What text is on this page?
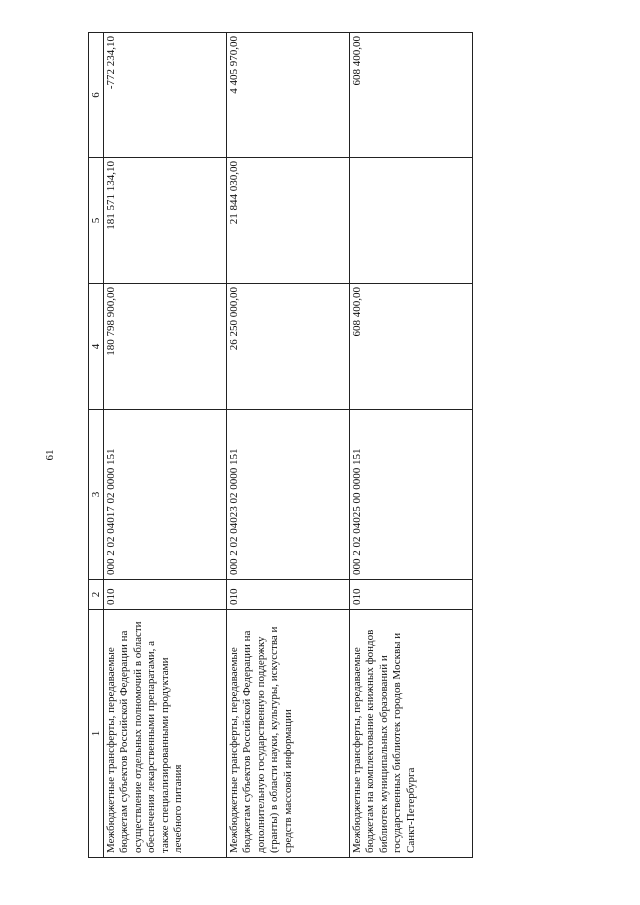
61
1	2	3	4	5	6
Межбюджетные трансферты, передаваемые бюджетам субъектов Российской Федерации на осуществление отдельных полномочий в области обеспечения лекарственными препаратами, а также специализированными продуктами лечебного питания	010	000 2 02 04017 02 0000 151	180 798 900,00	181 571 134,10	-772 234,10
Межбюджетные трансферты, передаваемые бюджетам субъектов Российской Федерации на дополнительную государственную поддержку (гранты) в области науки, культуры, искусства и средств массовой информации	010	000 2 02 04023 02 0000 151	26 250 000,00	21 844 030,00	4 405 970,00
Межбюджетные трансферты, передаваемые бюджетам на комплектование книжных фондов библиотек муниципальных образований и государственных библиотек городов Москвы и Санкт-Петербурга	010	000 2 02 04025 00 0000 151	608 400,00		608 400,00
